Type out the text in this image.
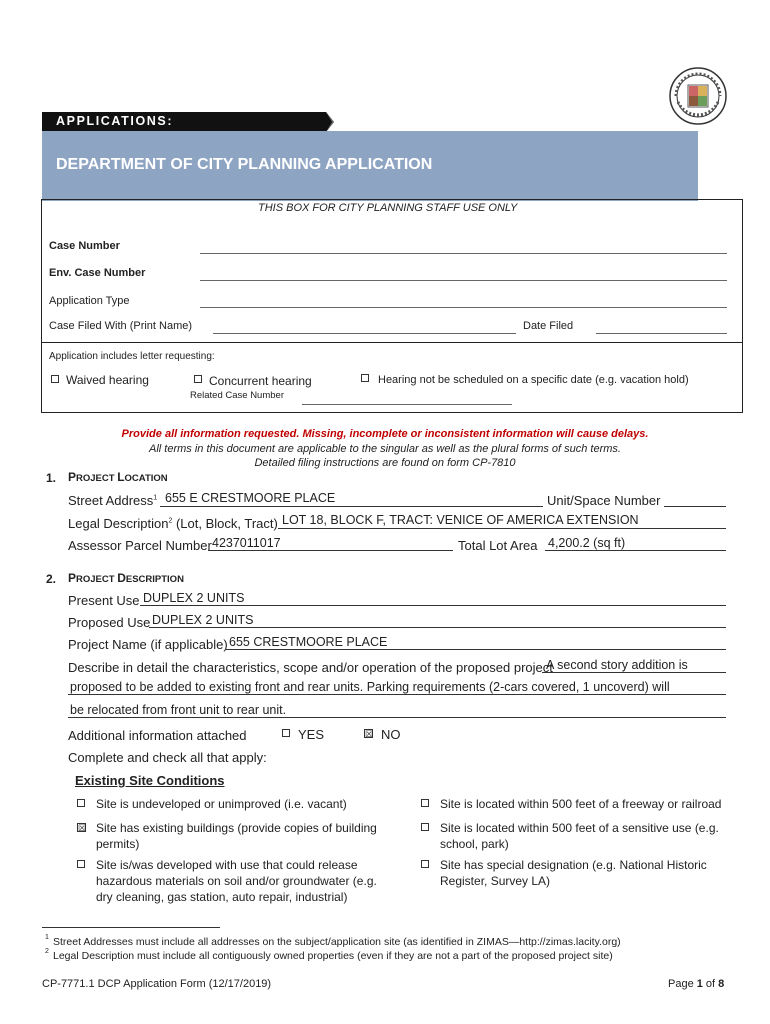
APPLICATIONS:
DEPARTMENT OF CITY PLANNING APPLICATION
THIS BOX FOR CITY PLANNING STAFF USE ONLY
Case Number
Env. Case Number
Application Type
Case Filed With (Print Name)	Date Filed
Application includes letter requesting:
Waived hearing	Concurrent hearing
Related Case Number
Hearing not be scheduled on a specific date (e.g. vacation hold)
Provide all information requested. Missing, incomplete or inconsistent information will cause delays.
All terms in this document are applicable to the singular as well as the plural forms of such terms.
Detailed filing instructions are found on form CP-7810
1. PROJECT LOCATION
Street Address$^1$ 655 E CRESTMOORE PLACE	Unit/Space Number
Legal Description$^2$ (Lot, Block, Tract) LOT 18, BLOCK F, TRACT: VENICE OF AMERICA EXTENSION
Assessor Parcel Number 4237011017	Total Lot Area 4,200.2 (sq ft)
2. PROJECT DESCRIPTION
Present Use DUPLEX 2 UNITS
Proposed Use DUPLEX 2 UNITS
Project Name (if applicable) 655 CRESTMOORE PLACE
Describe in detail the characteristics, scope and/or operation of the proposed project
A second story addition is
proposed to be added to existing front and rear units. Parking requirements (2-cars covered, 1 uncoverd) will
be relocated from front unit to rear unit.
Additional information attached	YES	☒ NO
Complete and check all that apply:
Existing Site Conditions
Site is undeveloped or unimproved (i.e. vacant)
☒ Site has existing buildings (provide copies of building
permits)
Site is/was developed with use that could release
hazardous materials on soil and/or groundwater (e.g.
dry cleaning, gas station, auto repair, industrial)
Site is located within 500 feet of a freeway or railroad
Site is located within 500 feet of a sensitive use (e.g.
school, park)
Site has special designation (e.g. National Historic
Register, Survey LA)
1 Street Addresses must include all addresses on the subject/application site (as identified in ZIMAS—http://zimas.lacity.org)
2 Legal Description must include all contiguously owned properties (even if they are not a part of the proposed project site)
CP-7771.1 DCP Application Form (12/17/2019)	Page 1 of 8
